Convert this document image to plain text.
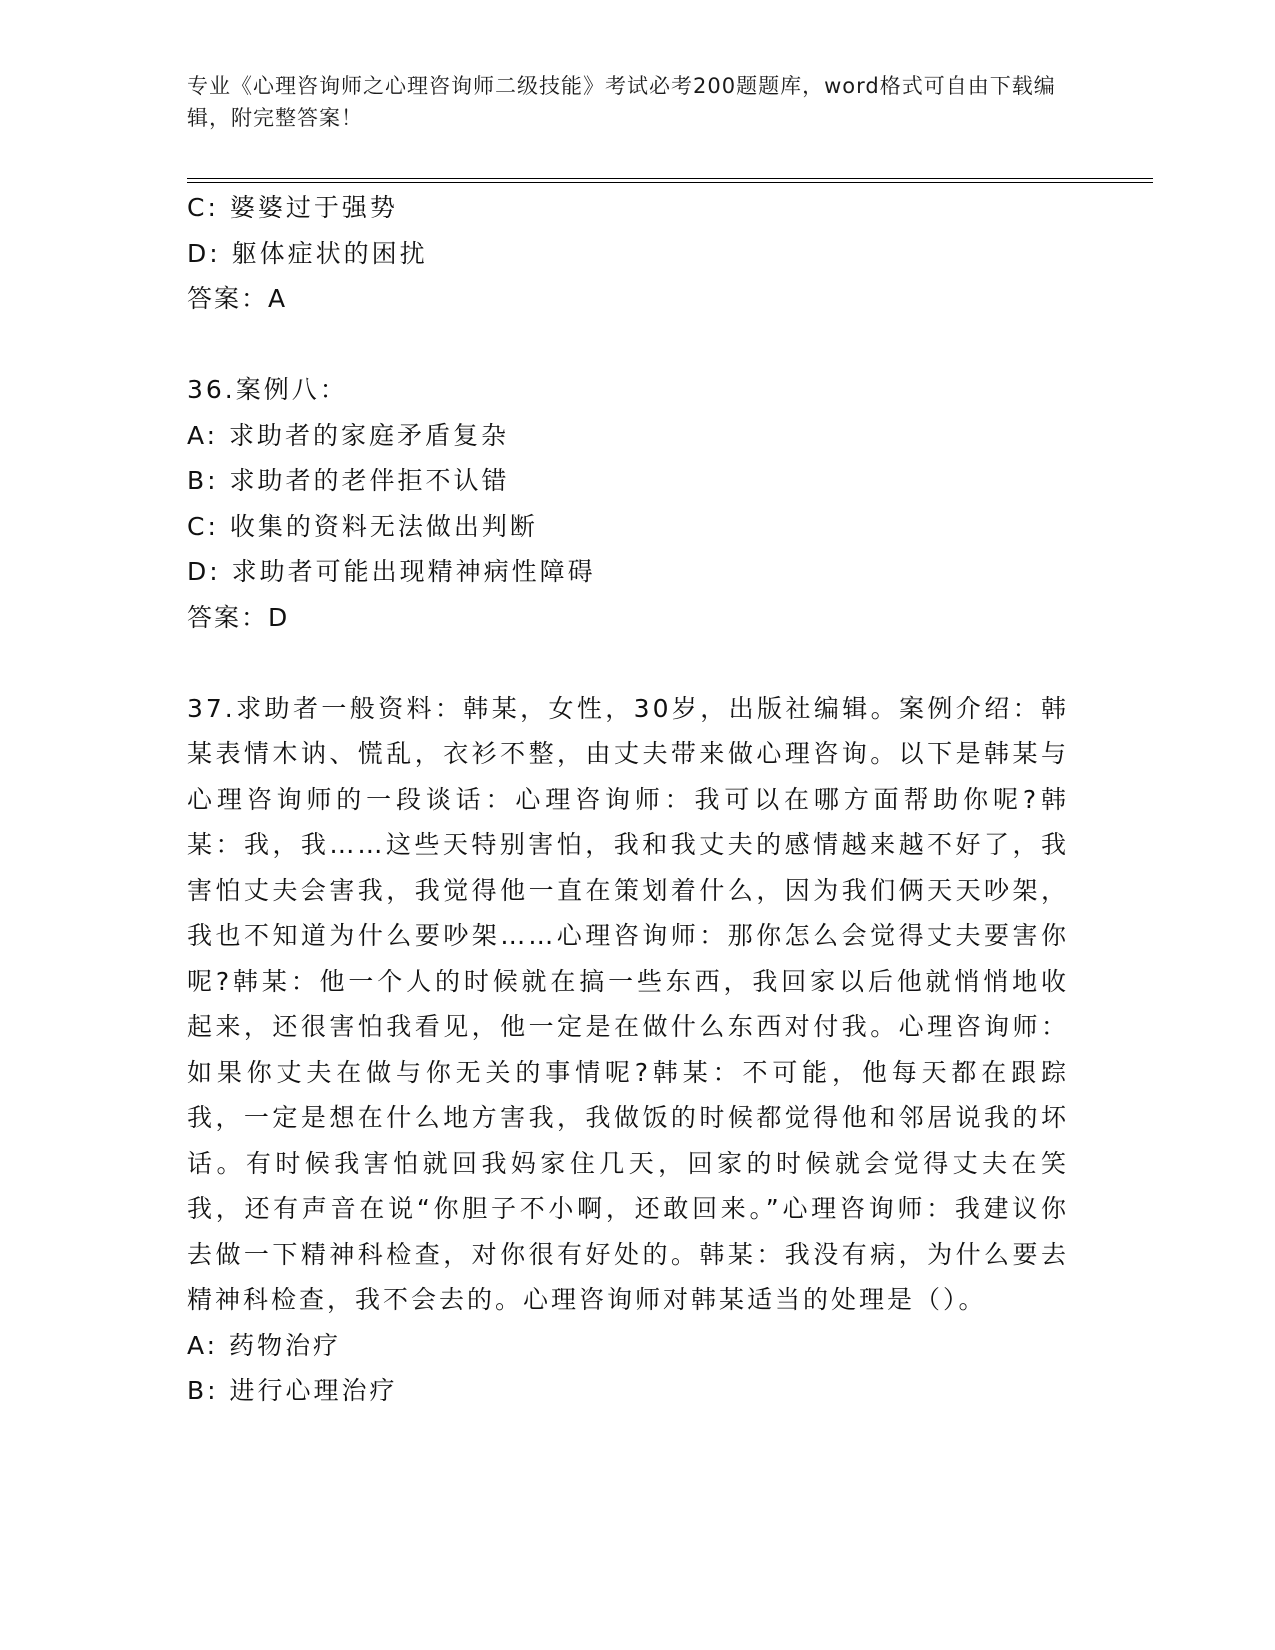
专业《心理咨询师之心理咨询师二级技能》考试必考200题题库，word格式可自由下载编辑，附完整答案！
C: 婆婆过于强势
D: 躯体症状的困扰
答案：A
36.案例八：
A: 求助者的家庭矛盾复杂
B: 求助者的老伴拒不认错
C: 收集的资料无法做出判断
D: 求助者可能出现精神病性障碍
答案：D
37.求助者一般资料：韩某，女性，30岁，出版社编辑。案例介绍：韩某表情木讷、慌乱，衣衫不整，由丈夫带来做心理咨询。以下是韩某与心理咨询师的一段谈话：心理咨询师：我可以在哪方面帮助你呢?韩某：我，我……这些天特别害怕，我和我丈夫的感情越来越不好了，我害怕丈夫会害我，我觉得他一直在策划着什么，因为我们俩天天吵架，我也不知道为什么要吵架……心理咨询师：那你怎么会觉得丈夫要害你呢?韩某：他一个人的时候就在搞一些东西，我回家以后他就悄悄地收起来，还很害怕我看见，他一定是在做什么东西对付我。心理咨询师：如果你丈夫在做与你无关的事情呢?韩某：不可能，他每天都在跟踪我，一定是想在什么地方害我，我做饭的时候都觉得他和邻居说我的坏话。有时候我害怕就回我妈家住几天，回家的时候就会觉得丈夫在笑我，还有声音在说“你胆子不小啊，还敢回来。”心理咨询师：我建议你去做一下精神科检查，对你很有好处的。韩某：我没有病，为什么要去精神科检查，我不会去的。心理咨询师对韩某适当的处理是（）。
A: 药物治疗
B: 进行心理治疗
